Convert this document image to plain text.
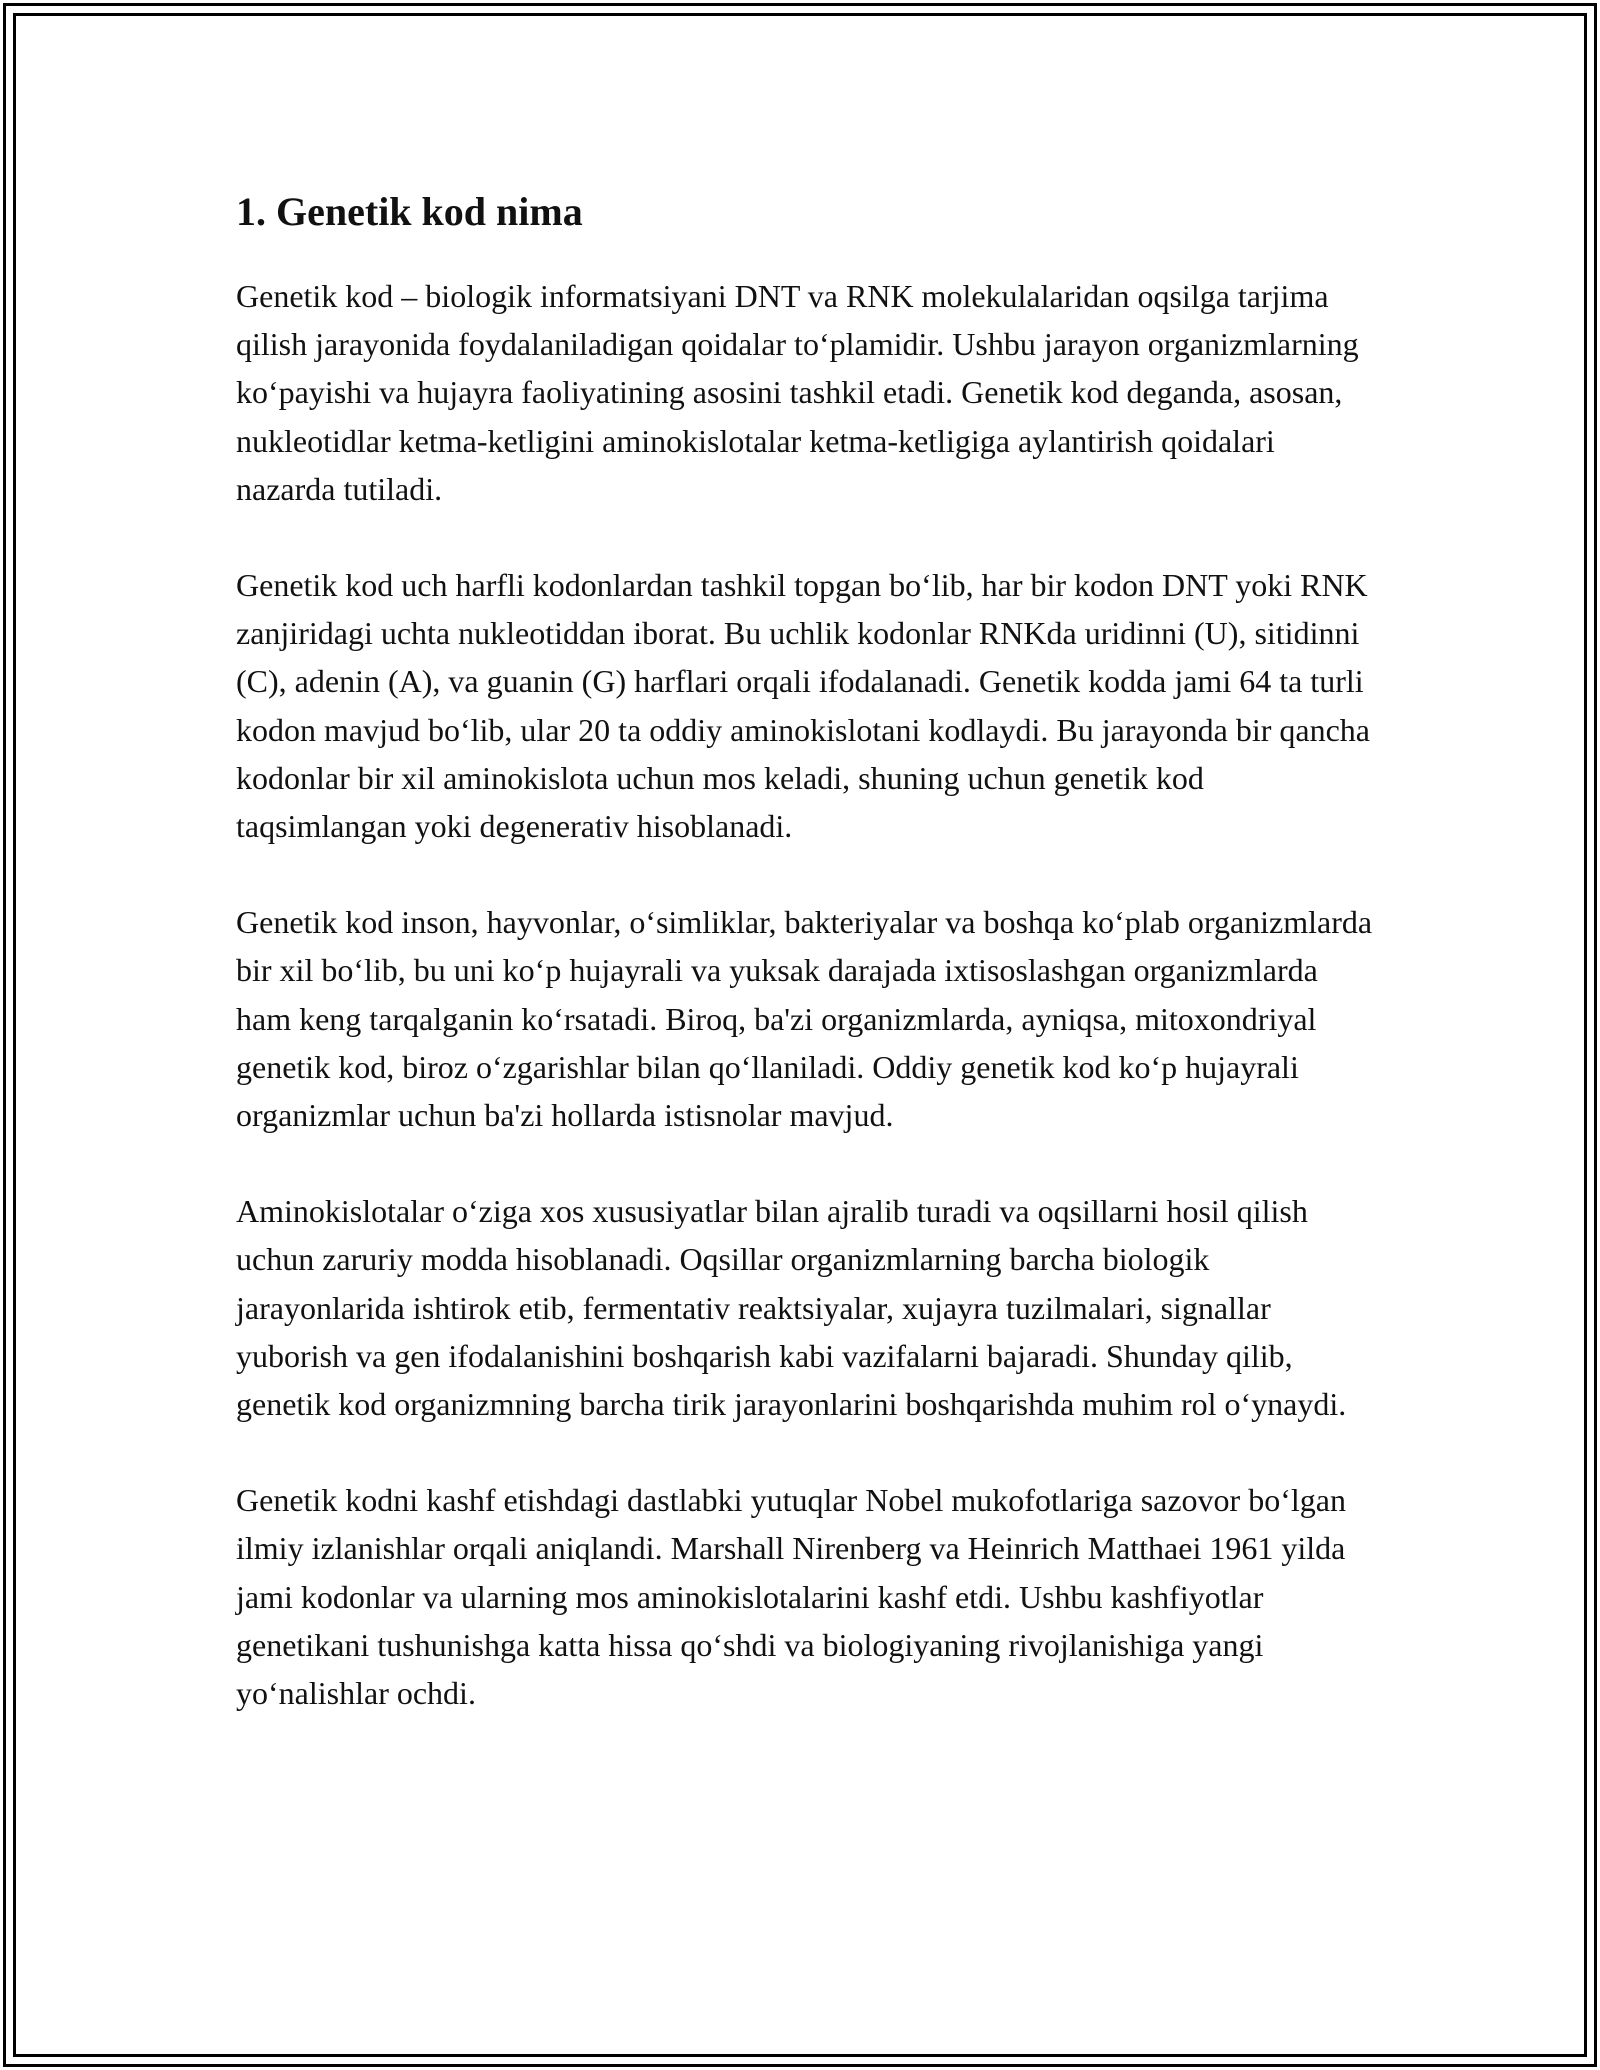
1. Genetik kod nima

Genetik kod – biologik informatsiyani DNT va RNK molekulalaridan oqsilga tarjima qilish jarayonida foydalaniladigan qoidalar toʻplamidir. Ushbu jarayon organizmlarning koʻpayishi va hujayra faoliyatining asosini tashkil etadi. Genetik kod deganda, asosan, nukleotidlar ketma-ketligini aminokislotalar ketma-ketligiga aylantirish qoidalari nazarda tutiladi.

Genetik kod uch harfli kodonlardan tashkil topgan boʻlib, har bir kodon DNT yoki RNK zanjiridagi uchta nukleotiddan iborat. Bu uchlik kodonlar RNKda uridinni (U), sitidinni (C), adenin (A), va guanin (G) harflari orqali ifodalanadi. Genetik kodda jami 64 ta turli kodon mavjud boʻlib, ular 20 ta oddiy aminokislotani kodlaydi. Bu jarayonda bir qancha kodonlar bir xil aminokislota uchun mos keladi, shuning uchun genetik kod taqsimlangan yoki degenerativ hisoblanadi.

Genetik kod inson, hayvonlar, oʻsimliklar, bakteriyalar va boshqa koʻplab organizmlarda bir xil boʻlib, bu uni koʻp hujayrali va yuksak darajada ixtisoslashgan organizmlarda ham keng tarqalganin koʻrsatadi. Biroq, ba'zi organizmlarda, ayniqsa, mitoxondriyal genetik kod, biroz oʻzgarishlar bilan qoʻllaniladi. Oddiy genetik kod koʻp hujayrali organizmlar uchun ba'zi hollarda istisnolar mavjud.

Aminokislotalar oʻziga xos xususiyatlar bilan ajralib turadi va oqsillarni hosil qilish uchun zaruriy modda hisoblanadi. Oqsillar organizmlarning barcha biologik jarayonlarida ishtirok etib, fermentativ reaktsiyalar, xujayra tuzilmalari, signallar yuborish va gen ifodalanishini boshqarish kabi vazifalarni bajaradi. Shunday qilib, genetik kod organizmning barcha tirik jarayonlarini boshqarishda muhim rol oʻynaydi.

Genetik kodni kashf etishdagi dastlabki yutuqlar Nobel mukofotlariga sazovor boʻlgan ilmiy izlanishlar orqali aniqlandi. Marshall Nirenberg va Heinrich Matthaei 1961 yilda jami kodonlar va ularning mos aminokislotalarini kashf etdi. Ushbu kashfiyotlar genetikani tushunishga katta hissa qoʻshdi va biologiyaning rivojlanishiga yangi yoʻnalishlar ochdi.
